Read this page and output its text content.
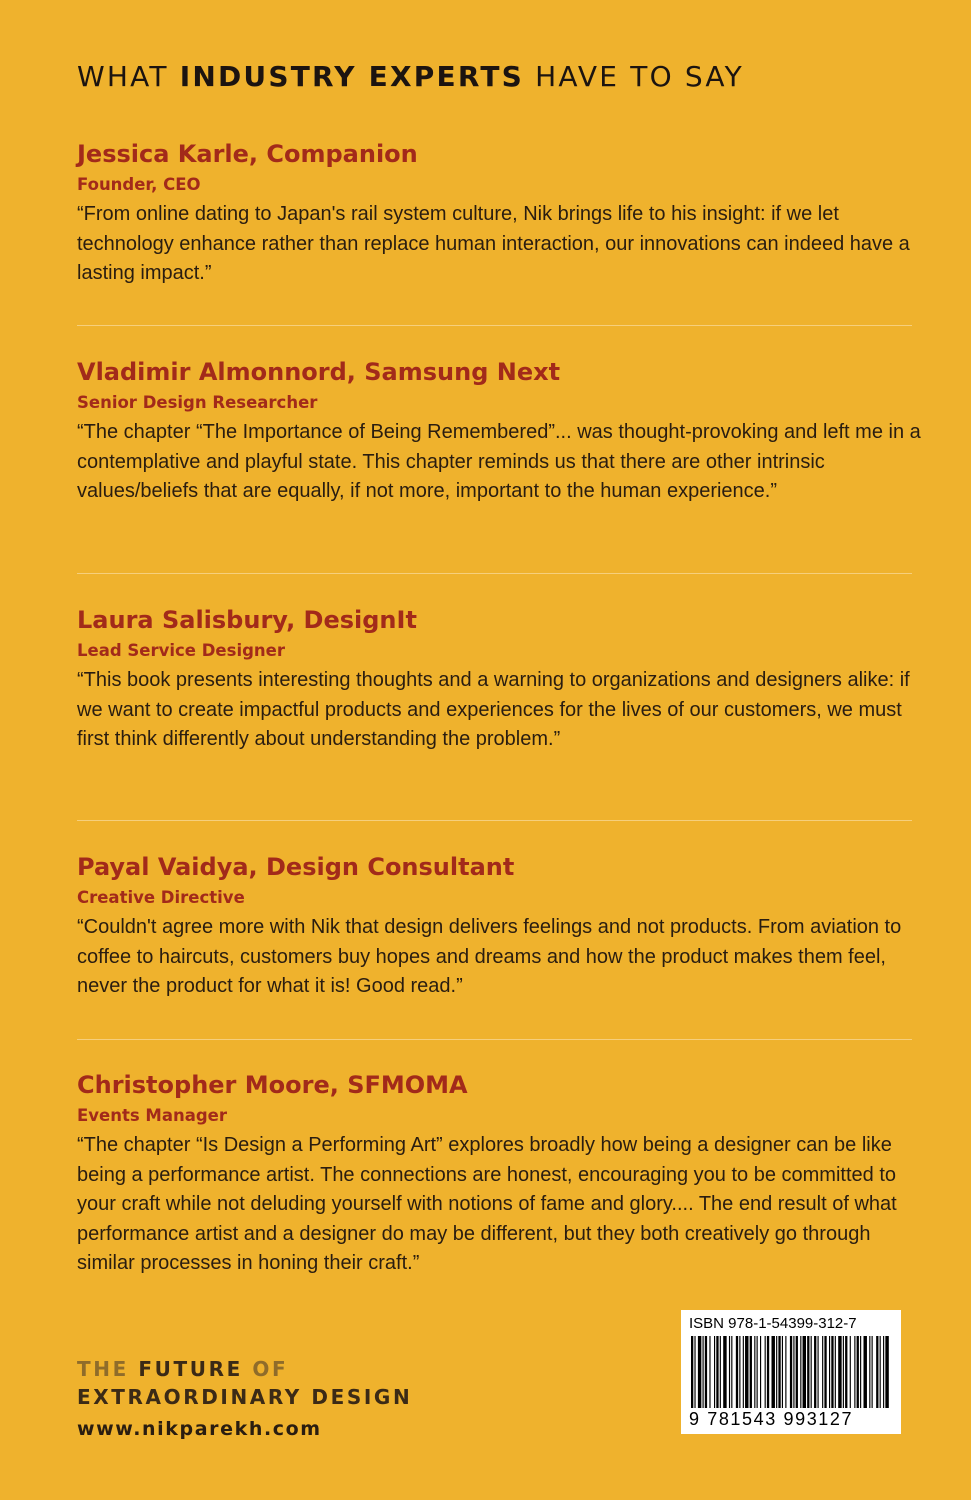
WHAT INDUSTRY EXPERTS HAVE TO SAY
Jessica Karle, Companion
Founder, CEO
“From online dating to Japan's rail system culture, Nik brings life to his insight: if we let technology enhance rather than replace human interaction, our innovations can indeed have a lasting impact.”
Vladimir Almonnord, Samsung Next
Senior Design Researcher
“The chapter “The Importance of Being Remembered”... was thought-provoking and left me in a contemplative and playful state. This chapter reminds us that there are other intrinsic values/beliefs that are equally, if not more, important to the human experience.”
Laura Salisbury, DesignIt
Lead Service Designer
“This book presents interesting thoughts and a warning to organizations and designers alike: if we want to create impactful products and experiences for the lives of our customers, we must first think differently about understanding the problem.”
Payal Vaidya, Design Consultant
Creative Directive
“Couldn't agree more with Nik that design delivers feelings and not products. From aviation to coffee to haircuts, customers buy hopes and dreams and how the product makes them feel, never the product for what it is! Good read.”
Christopher Moore, SFMOMA
Events Manager
“The chapter “Is Design a Performing Art” explores broadly how being a designer can be like being a performance artist. The connections are honest, encouraging you to be committed to your craft while not deluding yourself with notions of fame and glory.... The end result of what performance artist and a designer do may be different, but they both creatively go through similar processes in honing their craft.”
THE FUTURE OF
EXTRAORDINARY DESIGN
www.nikparekh.com
ISBN 978-1-54399-312-7
9 781543 993127
